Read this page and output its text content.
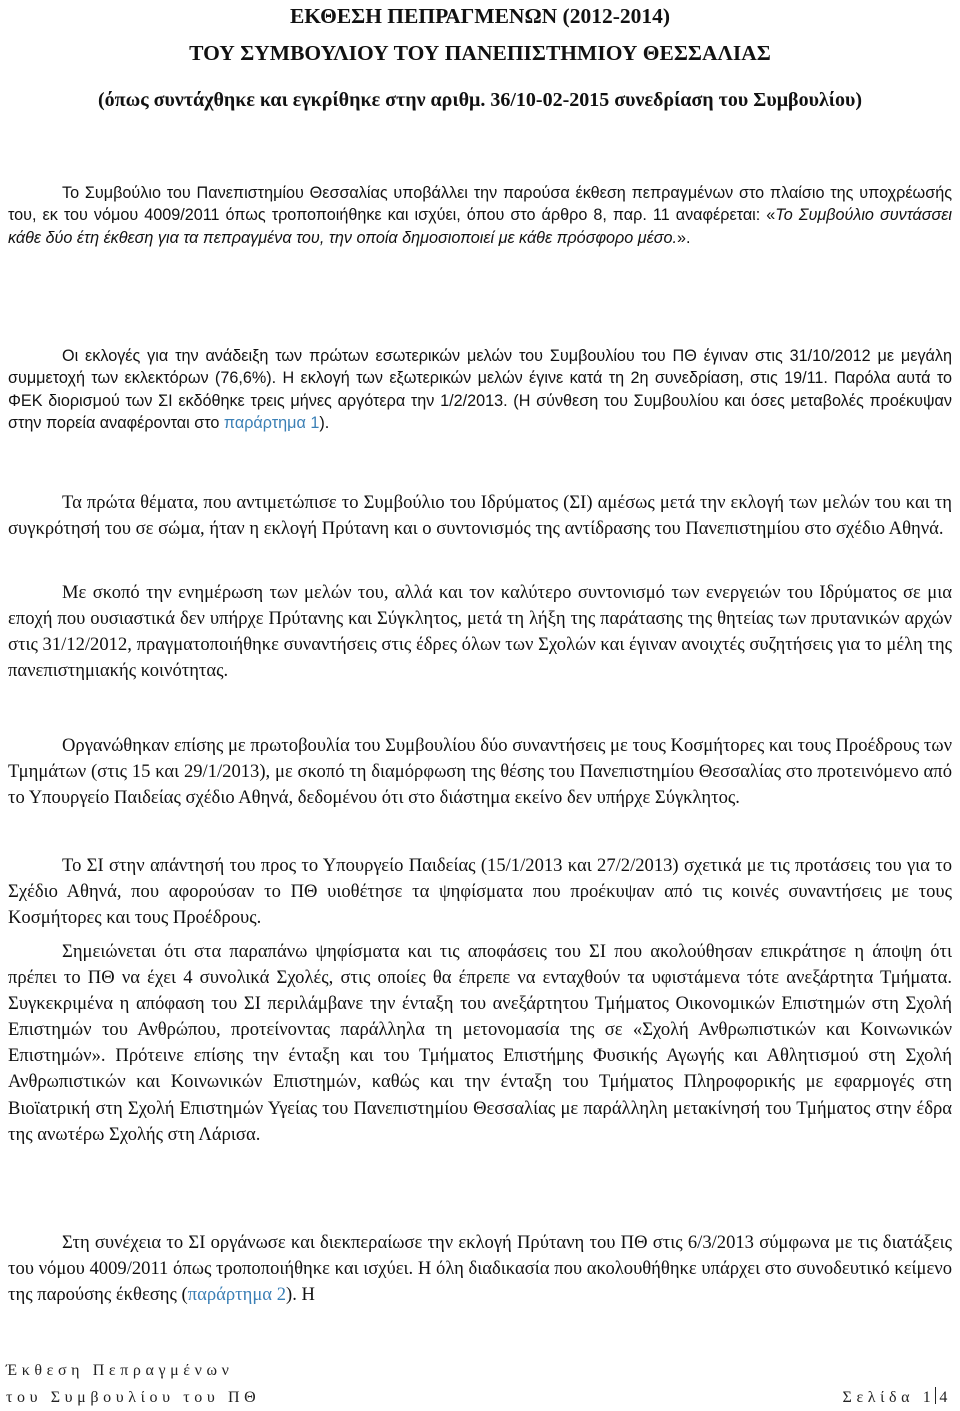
ΕΚΘΕΣΗ ΠΕΠΡΑΓΜΕΝΩΝ (2012-2014)
ΤΟΥ ΣΥΜΒΟΥΛΙΟΥ ΤΟΥ ΠΑΝΕΠΙΣΤΗΜΙΟΥ ΘΕΣΣΑΛΙΑΣ

(όπως συντάχθηκε και εγκρίθηκε στην αριθμ. 36/10-02-2015 συνεδρίαση του Συμβουλίου)

Το Συμβούλιο του Πανεπιστημίου Θεσσαλίας υποβάλλει την παρούσα έκθεση πεπραγμένων στο πλαίσιο της υποχρέωσής του, εκ του νόμου 4009/2011 όπως τροποποιήθηκε και ισχύει, όπου στο άρθρο 8, παρ. 11 αναφέρεται: «Το Συμβούλιο συντάσσει κάθε δύο έτη έκθεση για τα πεπραγμένα του, την οποία δημοσιοποιεί με κάθε πρόσφορο μέσο.».

Οι εκλογές για την ανάδειξη των πρώτων εσωτερικών μελών του Συμβουλίου του ΠΘ έγιναν στις 31/10/2012 με μεγάλη συμμετοχή των εκλεκτόρων (76,6%). Η εκλογή των εξωτερικών μελών έγινε κατά τη 2η συνεδρίαση, στις 19/11. Παρόλα αυτά το ΦΕΚ διορισμού των ΣΙ εκδόθηκε τρεις μήνες αργότερα την 1/2/2013. (Η σύνθεση του Συμβουλίου και όσες μεταβολές προέκυψαν στην πορεία αναφέρονται στο παράρτημα 1).

Τα πρώτα θέματα, που αντιμετώπισε το Συμβούλιο του Ιδρύματος (ΣΙ) αμέσως μετά την εκλογή των μελών του και τη συγκρότησή του σε σώμα, ήταν η εκλογή Πρύτανη και ο συντονισμός της αντίδρασης του Πανεπιστημίου στο σχέδιο Αθηνά.

Με σκοπό την ενημέρωση των μελών του, αλλά και τον καλύτερο συντονισμό των ενεργειών του Ιδρύματος σε μια εποχή που ουσιαστικά δεν υπήρχε Πρύτανης και Σύγκλητος, μετά τη λήξη της παράτασης της θητείας των πρυτανικών αρχών στις 31/12/2012, πραγματοποιήθηκε συναντήσεις στις έδρες όλων των Σχολών και έγιναν ανοιχτές συζητήσεις για το μέλη της πανεπιστημιακής κοινότητας.

Οργανώθηκαν επίσης με πρωτοβουλία του Συμβουλίου δύο συναντήσεις με τους Κοσμήτορες και τους Προέδρους των Τμημάτων (στις 15 και 29/1/2013), με σκοπό τη διαμόρφωση της θέσης του Πανεπιστημίου Θεσσαλίας στο προτεινόμενο από το Υπουργείο Παιδείας σχέδιο Αθηνά, δεδομένου ότι στο διάστημα εκείνο δεν υπήρχε Σύγκλητος.

Το ΣΙ στην απάντησή του προς το Υπουργείο Παιδείας (15/1/2013 και 27/2/2013) σχετικά με τις προτάσεις του για το Σχέδιο Αθηνά, που αφορούσαν το ΠΘ υιοθέτησε τα ψηφίσματα που προέκυψαν από τις κοινές συναντήσεις με τους Κοσμήτορες και τους Προέδρους.

Σημειώνεται ότι στα παραπάνω ψηφίσματα και τις αποφάσεις του ΣΙ που ακολούθησαν επικράτησε η άποψη ότι πρέπει το ΠΘ να έχει 4 συνολικά Σχολές, στις οποίες θα έπρεπε να ενταχθούν τα υφιστάμενα τότε ανεξάρτητα Τμήματα. Συγκεκριμένα η απόφαση του ΣΙ περιλάμβανε την ένταξη του ανεξάρτητου Τμήματος Οικονομικών Επιστημών στη Σχολή Επιστημών του Ανθρώπου, προτείνοντας παράλληλα τη μετονομασία της σε «Σχολή Ανθρωπιστικών και Κοινωνικών Επιστημών». Πρότεινε επίσης την ένταξη και του Τμήματος Επιστήμης Φυσικής Αγωγής και Αθλητισμού στη Σχολή Ανθρωπιστικών και Κοινωνικών Επιστημών, καθώς και την ένταξη του Τμήματος Πληροφορικής με εφαρμογές στη Βιοϊατρική στη Σχολή Επιστημών Υγείας του Πανεπιστημίου Θεσσαλίας με παράλληλη μετακίνησή του Τμήματος στην έδρα της ανωτέρω Σχολής στη Λάρισα.

Στη συνέχεια το ΣΙ οργάνωσε και διεκπεραίωσε την εκλογή Πρύτανη του ΠΘ στις 6/3/2013 σύμφωνα με τις διατάξεις του νόμου 4009/2011 όπως τροποποιήθηκε και ισχύει. Η όλη διαδικασία που ακολουθήθηκε υπάρχει στο συνοδευτικό κείμενο της παρούσης έκθεσης (παράρτημα 2). Η

Έκθεση Πεπραγμένων
του Συμβουλίου του ΠΘ	Σελίδα 1 4
